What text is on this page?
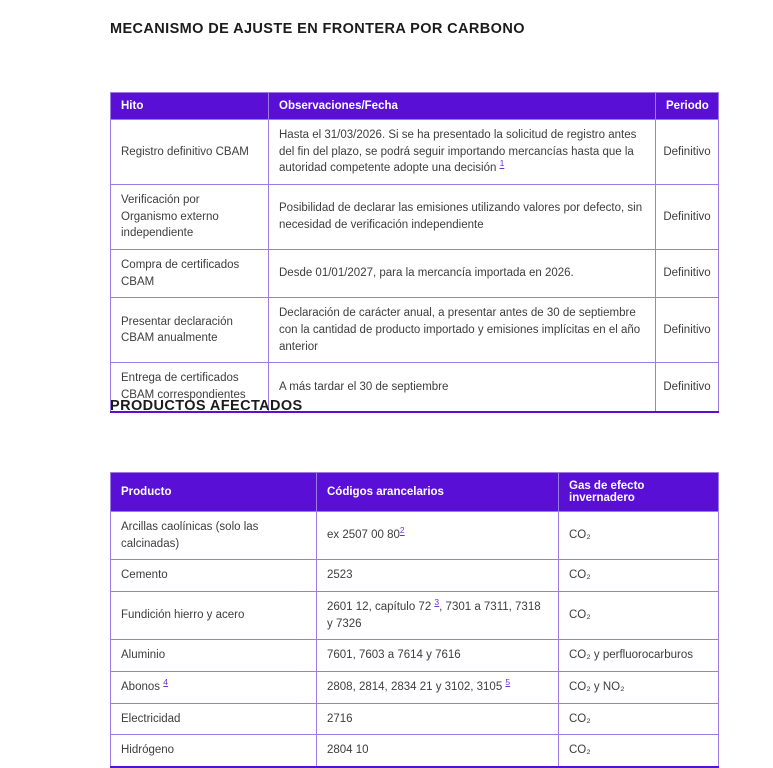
MECANISMO DE AJUSTE EN FRONTERA POR CARBONO
Hito	Observaciones/Fecha	Periodo
Registro definitivo CBAM	Hasta el 31/03/2026. Si se ha presentado la solicitud de registro antes del fin del plazo, se podrá seguir importando mercancías hasta que la autoridad competente adopte una decisión $^1$	Definitivo
Verificación por Organismo externo independiente	Posibilidad de declarar las emisiones utilizando valores por defecto, sin necesidad de verificación independiente	Definitivo
Compra de certificados CBAM	Desde 01/01/2027, para la mercancía importada en 2026.	Definitivo
Presentar declaración CBAM anualmente	Declaración de carácter anual, a presentar antes de 30 de septiembre con la cantidad de producto importado y emisiones implícitas en el año anterior	Definitivo
Entrega de certificados CBAM correspondientes	A más tardar el 30 de septiembre	Definitivo
PRODUCTOS AFECTADOS
Producto	Códigos arancelarios	Gas de efecto invernadero
Arcillas caolínicas (solo las calcinadas)	ex 2507 00 $80^2$	CO₂
Cemento	2523	CO₂
Fundición hierro y acero	2601 12, capítulo 72 $^3$, 7301 a 7311, 7318 y 7326	CO₂
Aluminio	7601, 7603 a 7614 y 7616	CO₂ y perfluorocarburos
Abonos $^4$	2808, 2814, 2834 21 y 3102, 3105 $^5$	CO₂ y NO₂
Electricidad	2716	CO₂
Hidrógeno	2804 10	CO₂
